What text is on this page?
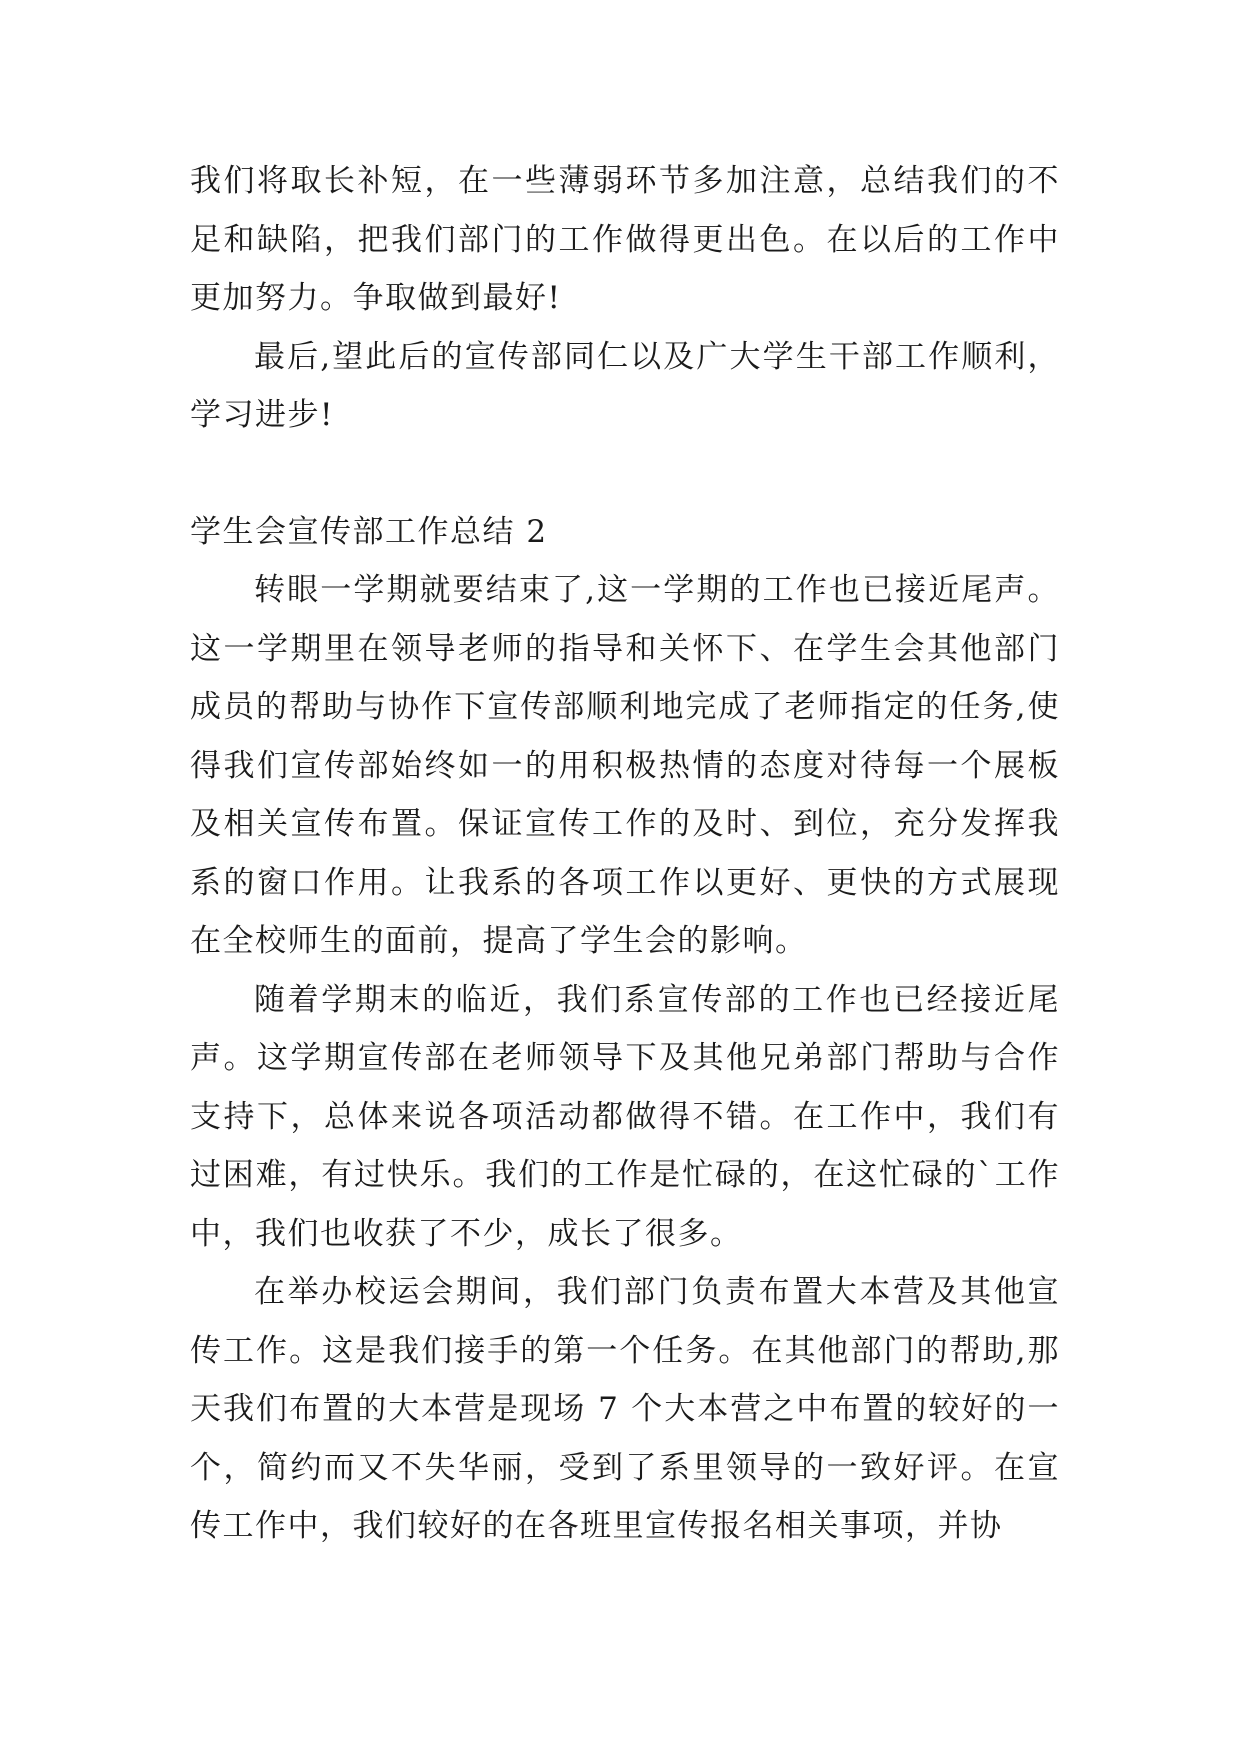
我们将取长补短，在一些薄弱环节多加注意，总结我们的不足和缺陷，把我们部门的工作做得更出色。在以后的工作中更加努力。争取做到最好!

最后,望此后的宣传部同仁以及广大学生干部工作顺利，学习进步!

学生会宣传部工作总结 2

转眼一学期就要结束了,这一学期的工作也已接近尾声。这一学期里在领导老师的指导和关怀下、在学生会其他部门成员的帮助与协作下宣传部顺利地完成了老师指定的任务,使得我们宣传部始终如一的用积极热情的态度对待每一个展板及相关宣传布置。保证宣传工作的及时、到位，充分发挥我系的窗口作用。让我系的各项工作以更好、更快的方式展现在全校师生的面前，提高了学生会的影响。

随着学期末的临近，我们系宣传部的工作也已经接近尾声。这学期宣传部在老师领导下及其他兄弟部门帮助与合作支持下，总体来说各项活动都做得不错。在工作中，我们有过困难，有过快乐。我们的工作是忙碌的，在这忙碌的`工作中，我们也收获了不少，成长了很多。

在举办校运会期间，我们部门负责布置大本营及其他宣传工作。这是我们接手的第一个任务。在其他部门的帮助,那天我们布置的大本营是现场 7 个大本营之中布置的较好的一个，简约而又不失华丽，受到了系里领导的一致好评。在宣传工作中，我们较好的在各班里宣传报名相关事项，并协
